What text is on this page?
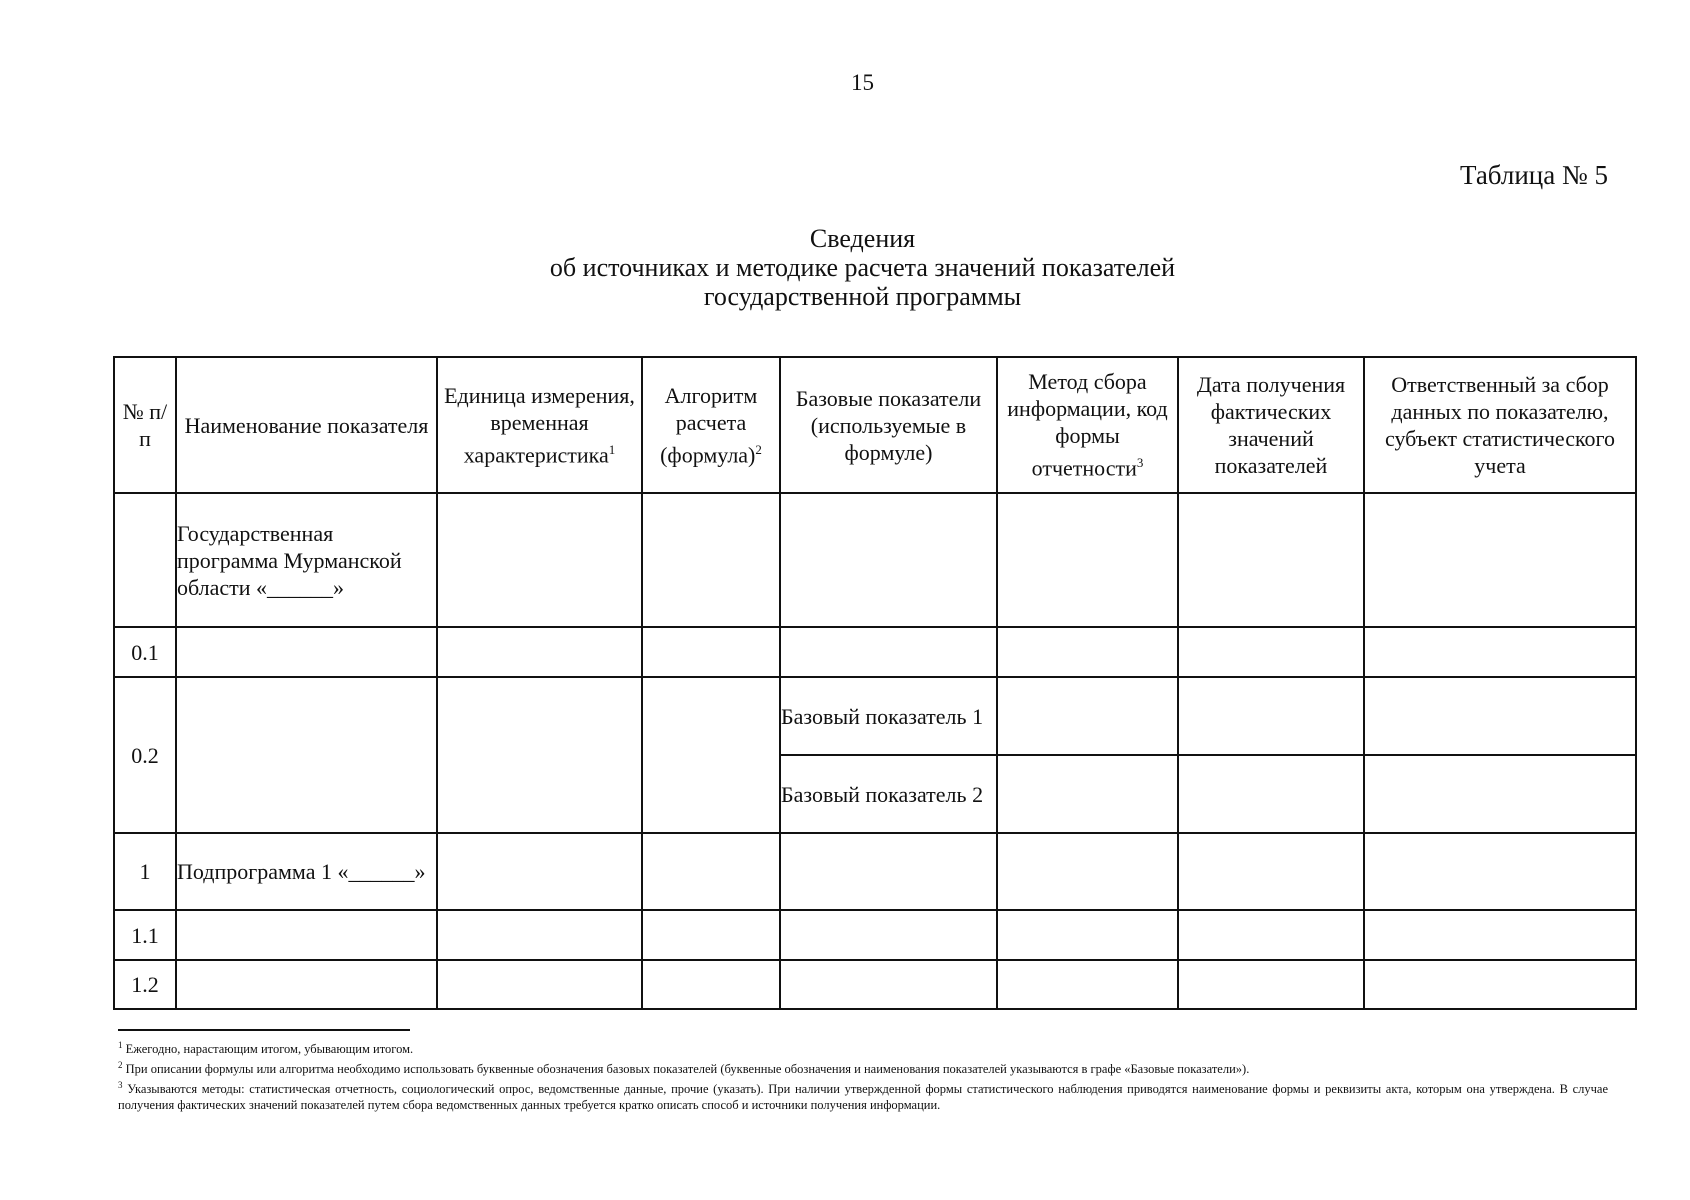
15
Таблица № 5
Сведения
об источниках и методике расчета значений показателей
государственной программы
№ п/п	Наименование показателя	Единица измерения, временная характеристика$^1$	Алгоритм расчета (формула)$^2$	Базовые показатели (используемые в формуле)	Метод сбора информации, код формы отчетности$^3$	Дата получения фактических значений показателей	Ответственный за сбор данных по показателю, субъект статистического учета
	Государственная программа Мурманской области «______»						
0.1							
0.2				Базовый показатель 1			
				Базовый показатель 2			
1	Подпрограмма 1 «______»						
1.1							
1.2							

$^1$ Ежегодно, нарастающим итогом, убывающим итогом.

$^2$ При описании формулы или алгоритма необходимо использовать буквенные обозначения базовых показателей (буквенные обозначения и наименования показателей указываются в графе «Базовые показатели»).

$^3$ Указываются методы: статистическая отчетность, социологический опрос, ведомственные данные, прочие (указать). При наличии утвержденной формы статистического наблюдения приводятся наименование формы и реквизиты акта, которым она утверждена. В случае получения фактических значений показателей путем сбора ведомственных данных требуется кратко описать способ и источники получения информации.
